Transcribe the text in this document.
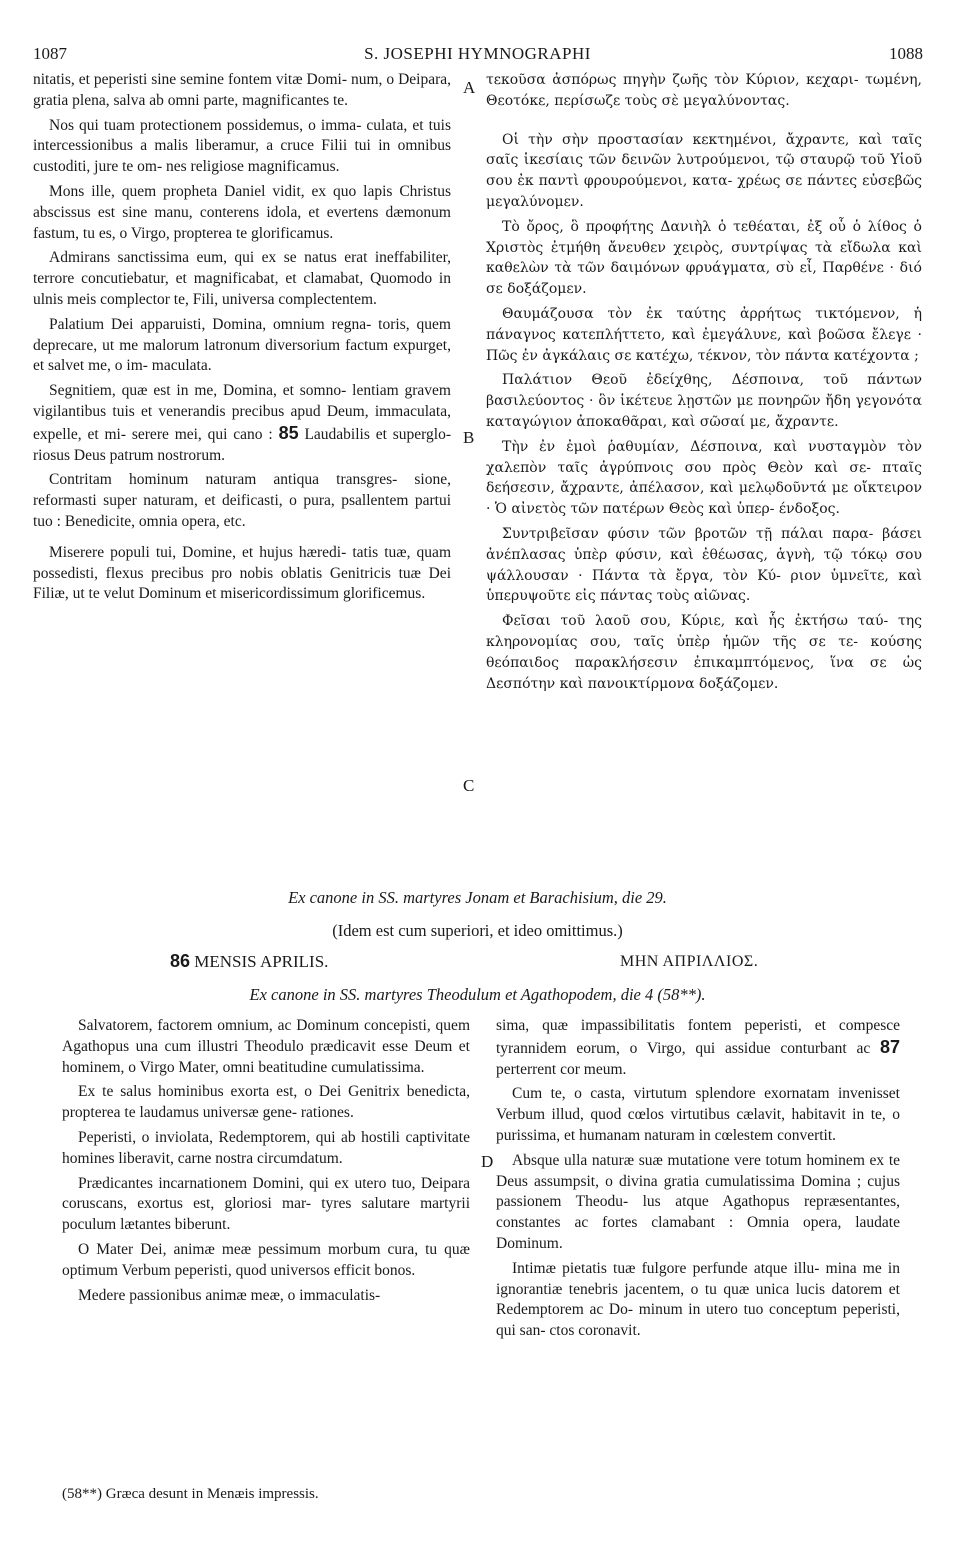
1087	S. JOSEPHI HYMNOGRAPHI	1088

nitatis, et peperisti sine semine fontem vitæ Domi- num, o Deipara, gratia plena, salva ab omni parte, magnificantes te.

Nos qui tuam protectionem possidemus, o imma- culata, et tuis intercessionibus a malis liberamur, a cruce Filii tui in omnibus custoditi, jure te om- nes religiose magnificamus.

Mons ille, quem propheta Daniel vidit, ex quo lapis Christus abscissus est sine manu, conterens idola, et evertens dæmonum fastum, tu es, o Virgo, propterea te glorificamus.

Admirans sanctissima eum, qui ex se natus erat ineffabiliter, terrore concutiebatur, et magnificabat, et clamabat, Quomodo in ulnis meis complector te, Fili, universa complectentem.

Palatium Dei apparuisti, Domina, omnium regna- toris, quem deprecare, ut me malorum latronum diversorium factum expurget, et salvet me, o im- maculata.

Segnitiem, quæ est in me, Domina, et somno- lentiam gravem vigilantibus tuis et venerandis precibus apud Deum, immaculata, expelle, et mi- serere mei, qui cano : 85 Laudabilis et superglo- riosus Deus patrum nostrorum.

Contritam hominum naturam antiqua transgres- sione, reformasti super naturam, et deificasti, o pura, psallentem partui tuo : Benedicite, omnia opera, etc.

Miserere populi tui, Domine, et hujus hæredi- tatis tuæ, quam possedisti, flexus precibus pro nobis oblatis Genitricis tuæ Dei Filiæ, ut te velut Dominum et misericordissimum glorificemus.

A
B
C

τεκοῦσα ἀσπόρως πηγὴν ζωῆς τὸν Κύριον, κεχαρι- τωμένη, Θεοτόκε, περίσωζε τοὺς σὲ μεγαλύνοντας.

Οἱ τὴν σὴν προστασίαν κεκτημένοι, ἄχραντε, καὶ ταῖς σαῖς ἱκεσίαις τῶν δεινῶν λυτρούμενοι, τῷ σταυρῷ τοῦ Υἱοῦ σου ἐκ παντὶ φρουρούμενοι, κατα- χρέως σε πάντες εὐσεβῶς μεγαλύνομεν.

Τὸ ὄρος, ὃ προφήτης Δανιὴλ ὁ τεθέαται, ἐξ οὗ ὁ λίθος ὁ Χριστὸς ἐτμήθη ἄνευθεν χειρὸς, συντρίψας τὰ εἴδωλα καὶ καθελὼν τὰ τῶν δαιμόνων φρυάγματα, σὺ εἶ, Παρθένε · διό σε δοξάζομεν.

Θαυμάζουσα τὸν ἐκ ταύτης ἀρρήτως τικτόμενον, ἡ πάναγνος κατεπλήττετο, καὶ ἐμεγάλυνε, καὶ βοῶσα ἔλεγε · Πῶς ἐν ἀγκάλαις σε κατέχω, τέκνον, τὸν πάντα κατέχοντα ;

Παλάτιον Θεοῦ ἐδείχθης, Δέσποινα, τοῦ πάντων βασιλεύοντος · ὃν ἱκέτευε λῃστῶν με πονηρῶν ἤδη γεγονότα καταγώγιον ἀποκαθᾶραι, καὶ σῶσαί με, ἄχραντε.

Τὴν ἐν ἐμοὶ ῥαθυμίαν, Δέσποινα, καὶ νυσταγμὸν τὸν χαλεπὸν ταῖς ἀγρύπνοις σου πρὸς Θεὸν καὶ σε- πταῖς δεήσεσιν, ἄχραντε, ἀπέλασον, καὶ μελῳδοῦντά με οἴκτειρον · Ὁ αἰνετὸς τῶν πατέρων Θεὸς καὶ ὑπερ- ένδοξος.

Συντριβεῖσαν φύσιν τῶν βροτῶν τῇ πάλαι παρα- βάσει ἀνέπλασας ὑπὲρ φύσιν, καὶ ἐθέωσας, ἁγνὴ, τῷ τόκῳ σου ψάλλουσαν · Πάντα τὰ ἔργα, τὸν Κύ- ριον ὑμνεῖτε, καὶ ὑπερυψοῦτε εἰς πάντας τοὺς αἰῶνας.

Φεῖσαι τοῦ λαοῦ σου, Κύριε, καὶ ἧς ἐκτήσω ταύ- της κληρονομίας σου, ταῖς ὑπὲρ ἡμῶν τῆς σε τε- κούσης θεόπαιδος παρακλήσεσιν ἐπικαμπτόμενος, ἵνα σε ὡς Δεσπότην καὶ πανοικτίρμονα δοξάζομεν.

Ex canone in SS. martyres Jonam et Barachisium, die 29.
(Idem est cum superiori, et ideo omittimus.)
86 MENSIS APRILIS.	ΜΗΝ ΑΠΡΙΛΛΙΟΣ.
Ex canone in SS. martyres Theodulum et Agathopodem, die 4 (58**).

Salvatorem, factorem omnium, ac Dominum concepisti, quem Agathopus una cum illustri Theodulo prædicavit esse Deum et hominem, o Virgo Mater, omni beatitudine cumulatissima.

Ex te salus hominibus exorta est, o Dei Genitrix benedicta, propterea te laudamus universæ gene- rationes.

Peperisti, o inviolata, Redemptorem, qui ab hostili captivitate homines liberavit, carne nostra circumdatum.

Prædicantes incarnationem Domini, qui ex utero tuo, Deipara coruscans, exortus est, gloriosi mar- tyres salutare martyrii poculum lætantes biberunt.

O Mater Dei, animæ meæ pessimum morbum cura, tu quæ optimum Verbum peperisti, quod universos efficit bonos.

Medere passionibus animæ meæ, o immaculatis-

D

sima, quæ impassibilitatis fontem peperisti, et compesce tyrannidem eorum, o Virgo, qui assidue conturbant ac 87 perterrent cor meum.

Cum te, o casta, virtutum splendore exornatam invenisset Verbum illud, quod cœlos virtutibus cælavit, habitavit in te, o purissima, et humanam naturam in cœlestem convertit.

Absque ulla naturæ suæ mutatione vere totum hominem ex te Deus assumpsit, o divina gratia cumulatissima Domina ; cujus passionem Theodu- lus atque Agathopus repræsentantes, constantes ac fortes clamabant : Omnia opera, laudate Dominum.

Intimæ pietatis tuæ fulgore perfunde atque illu- mina me in ignorantiæ tenebris jacentem, o tu quæ unica lucis datorem et Redemptorem ac Do- minum in utero tuo conceptum peperisti, qui san- ctos coronavit.

(58**) Græca desunt in Menæis impressis.
